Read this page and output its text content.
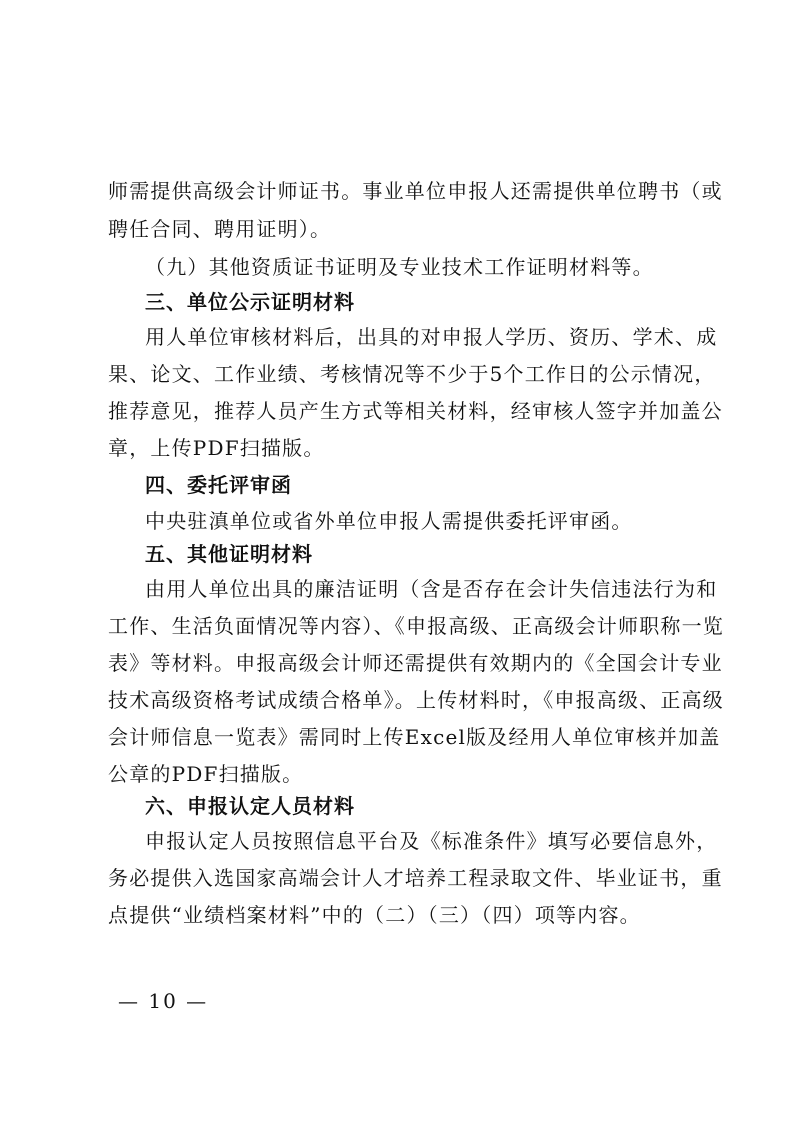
师需提供高级会计师证书。事业单位申报人还需提供单位聘书（或
聘任合同、聘用证明）。
（九）其他资质证书证明及专业技术工作证明材料等。
三、单位公示证明材料
用人单位审核材料后，出具的对申报人学历、资历、学术、成
果、论文、工作业绩、考核情况等不少于5个工作日的公示情况，
推荐意见，推荐人员产生方式等相关材料，经审核人签字并加盖公
章，上传PDF扫描版。
四、委托评审函
中央驻滇单位或省外单位申报人需提供委托评审函。
五、其他证明材料
由用人单位出具的廉洁证明（含是否存在会计失信违法行为和
工作、生活负面情况等内容）、《申报高级、正高级会计师职称一览
表》等材料。申报高级会计师还需提供有效期内的《全国会计专业
技术高级资格考试成绩合格单》。上传材料时，《申报高级、正高级
会计师信息一览表》需同时上传Excel版及经用人单位审核并加盖
公章的PDF扫描版。
六、申报认定人员材料
申报认定人员按照信息平台及《标准条件》填写必要信息外，
务必提供入选国家高端会计人才培养工程录取文件、毕业证书，重
点提供“业绩档案材料”中的（二）（三）（四）项等内容。
— 10 —
